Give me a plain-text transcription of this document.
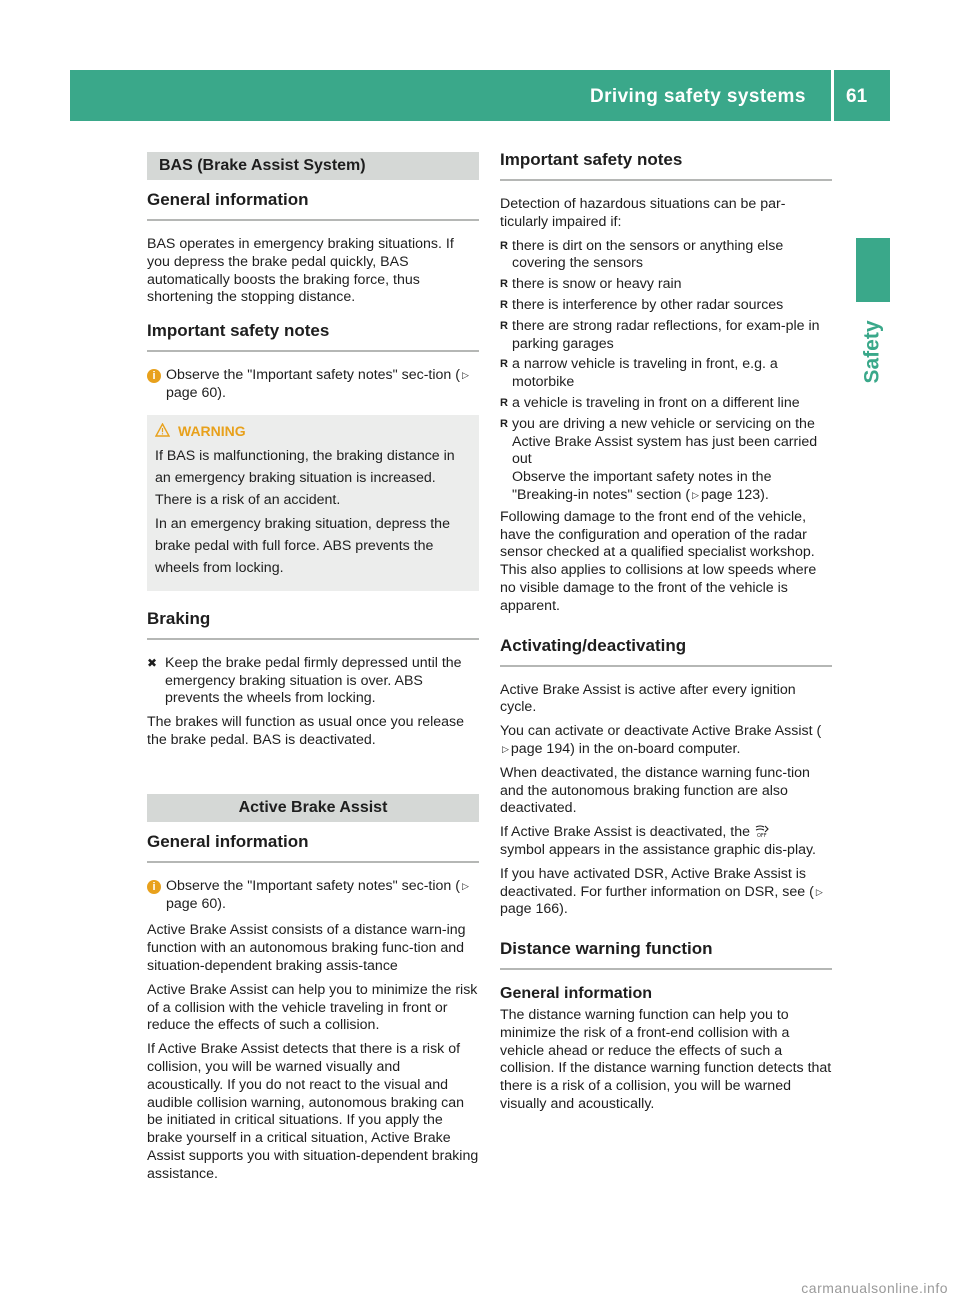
Driving safety systems 61
Safety
BAS (Brake Assist System)
General information

BAS operates in emergency braking situations. If you depress the brake pedal quickly, BAS automatically boosts the braking force, thus shortening the stopping distance.

Important safety notes
i Observe the "Important safety notes" sec-tion ( ▷page 60).
WARNING

If BAS is malfunctioning, the braking distance in an emergency braking situation is increased. There is a risk of an accident.

In an emergency braking situation, depress the brake pedal with full force. ABS prevents the wheels from locking.

Braking
✖ Keep the brake pedal firmly depressed until the emergency braking situation is over. ABS prevents the wheels from locking.

The brakes will function as usual once you release the brake pedal. BAS is deactivated.

Active Brake Assist
General information
i Observe the "Important safety notes" sec-tion ( ▷page 60).

Active Brake Assist consists of a distance warn-ing function with an autonomous braking func-tion and situation-dependent braking assis-tance

Active Brake Assist can help you to minimize the risk of a collision with the vehicle traveling in front or reduce the effects of such a collision.

If Active Brake Assist detects that there is a risk of collision, you will be warned visually and acoustically. If you do not react to the visual and audible collision warning, autonomous braking can be initiated in critical situations. If you apply the brake yourself in a critical situation, Active Brake Assist supports you with situation-dependent braking assistance.

Important safety notes

Detection of hazardous situations can be par-ticularly impaired if:

R there is dirt on the sensors or anything else covering the sensors
R there is snow or heavy rain
R there is interference by other radar sources
R there are strong radar reflections, for exam-ple in parking garages
R a narrow vehicle is traveling in front, e.g. a motorbike
R a vehicle is traveling in front on a different line
R you are driving a new vehicle or servicing on the Active Brake Assist system has just been carried out
Observe the important safety notes in the "Breaking-in notes" section ( ▷ page 123).

Following damage to the front end of the vehicle, have the configuration and operation of the radar sensor checked at a qualified specialist workshop. This also applies to collisions at low speeds where no visible damage to the front of the vehicle is apparent.

Activating/deactivating

Active Brake Assist is active after every ignition cycle.

You can activate or deactivate Active Brake Assist (▷ page 194) in the on-board computer.

When deactivated, the distance warning func-tion and the autonomous braking function are also deactivated.

If Active Brake Assist is deactivated, the OFF

symbol appears in the assistance graphic dis-play.

If you have activated DSR, Active Brake Assist is deactivated. For further information on DSR, see ( ▷page 166).

Distance warning function
General information

The distance warning function can help you to minimize the risk of a front-end collision with a vehicle ahead or reduce the effects of such a collision. If the distance warning function detects that there is a risk of a collision, you will be warned visually and acoustically.

carmanualsonline.info
